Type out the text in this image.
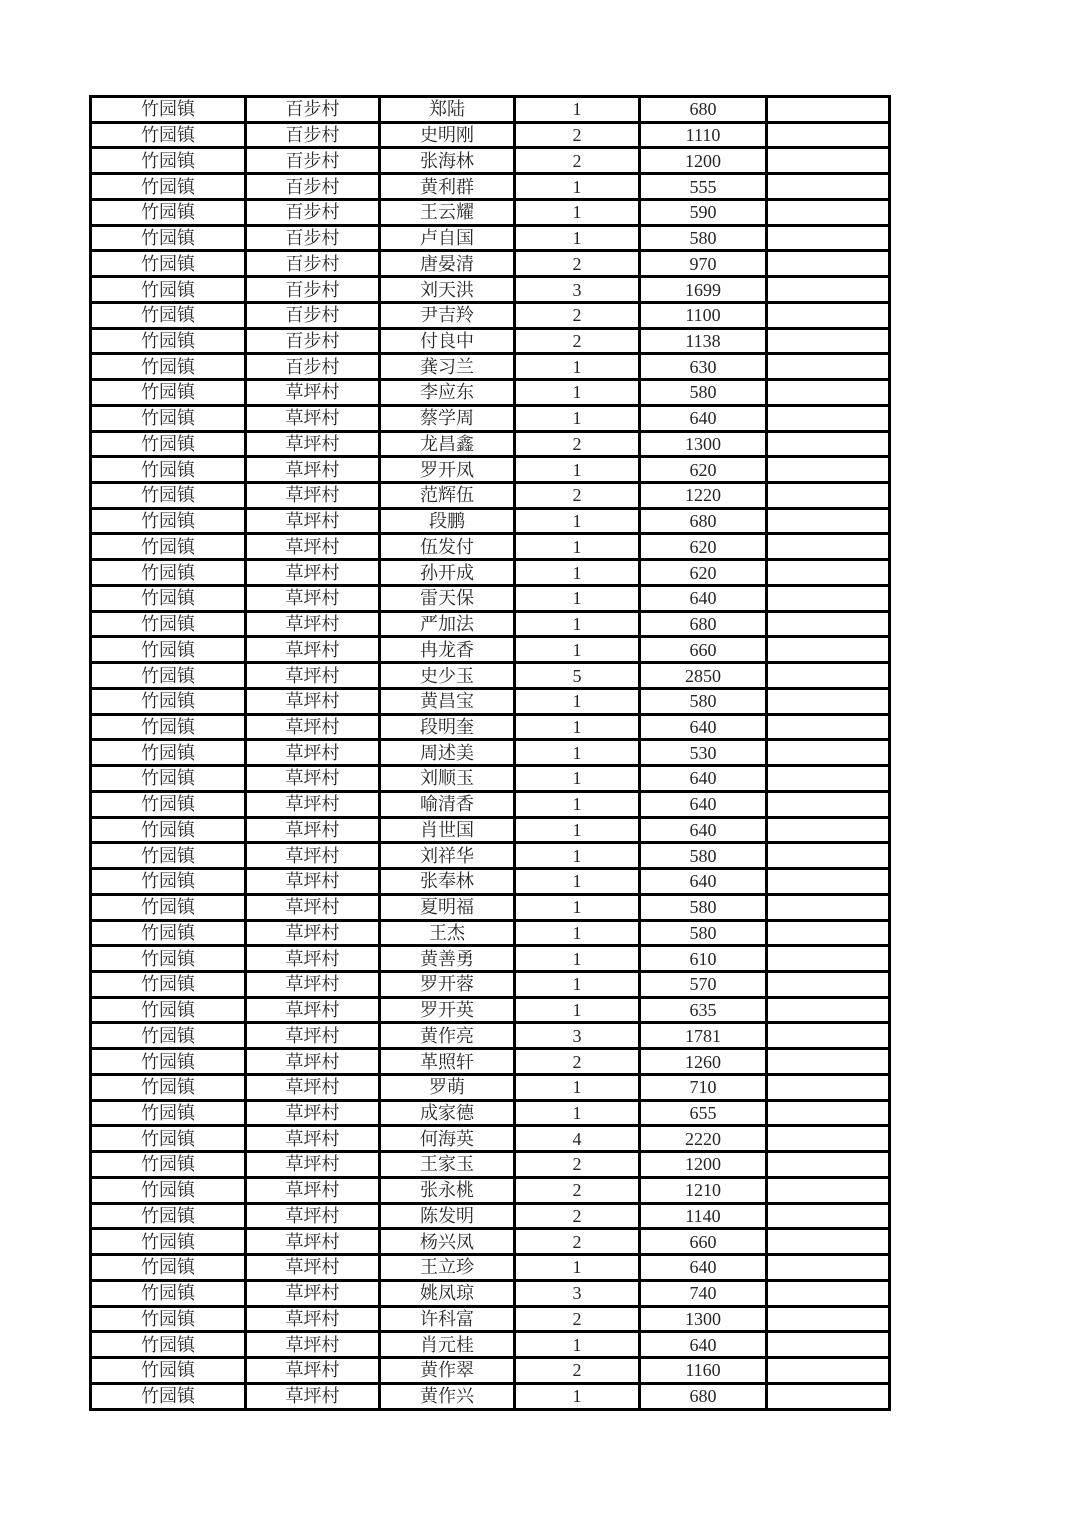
竹园镇	百步村	郑陆	1	680	
竹园镇	百步村	史明刚	2	1110	
竹园镇	百步村	张海林	2	1200	
竹园镇	百步村	黄利群	1	555	
竹园镇	百步村	王云耀	1	590	
竹园镇	百步村	卢自国	1	580	
竹园镇	百步村	唐晏清	2	970	
竹园镇	百步村	刘天洪	3	1699	
竹园镇	百步村	尹吉羚	2	1100	
竹园镇	百步村	付良中	2	1138	
竹园镇	百步村	龚习兰	1	630	
竹园镇	草坪村	李应东	1	580	
竹园镇	草坪村	蔡学周	1	640	
竹园镇	草坪村	龙昌鑫	2	1300	
竹园镇	草坪村	罗开凤	1	620	
竹园镇	草坪村	范辉伍	2	1220	
竹园镇	草坪村	段鹏	1	680	
竹园镇	草坪村	伍发付	1	620	
竹园镇	草坪村	孙开成	1	620	
竹园镇	草坪村	雷天保	1	640	
竹园镇	草坪村	严加法	1	680	
竹园镇	草坪村	冉龙香	1	660	
竹园镇	草坪村	史少玉	5	2850	
竹园镇	草坪村	黄昌宝	1	580	
竹园镇	草坪村	段明奎	1	640	
竹园镇	草坪村	周述美	1	530	
竹园镇	草坪村	刘顺玉	1	640	
竹园镇	草坪村	喻清香	1	640	
竹园镇	草坪村	肖世国	1	640	
竹园镇	草坪村	刘祥华	1	580	
竹园镇	草坪村	张奉林	1	640	
竹园镇	草坪村	夏明福	1	580	
竹园镇	草坪村	王杰	1	580	
竹园镇	草坪村	黄善勇	1	610	
竹园镇	草坪村	罗开蓉	1	570	
竹园镇	草坪村	罗开英	1	635	
竹园镇	草坪村	黄作亮	3	1781	
竹园镇	草坪村	革照轩	2	1260	
竹园镇	草坪村	罗萌	1	710	
竹园镇	草坪村	成家德	1	655	
竹园镇	草坪村	何海英	4	2220	
竹园镇	草坪村	王家玉	2	1200	
竹园镇	草坪村	张永桃	2	1210	
竹园镇	草坪村	陈发明	2	1140	
竹园镇	草坪村	杨兴凤	2	660	
竹园镇	草坪村	王立珍	1	640	
竹园镇	草坪村	姚凤琼	3	740	
竹园镇	草坪村	许科富	2	1300	
竹园镇	草坪村	肖元桂	1	640	
竹园镇	草坪村	黄作翠	2	1160	
竹园镇	草坪村	黄作兴	1	680	
